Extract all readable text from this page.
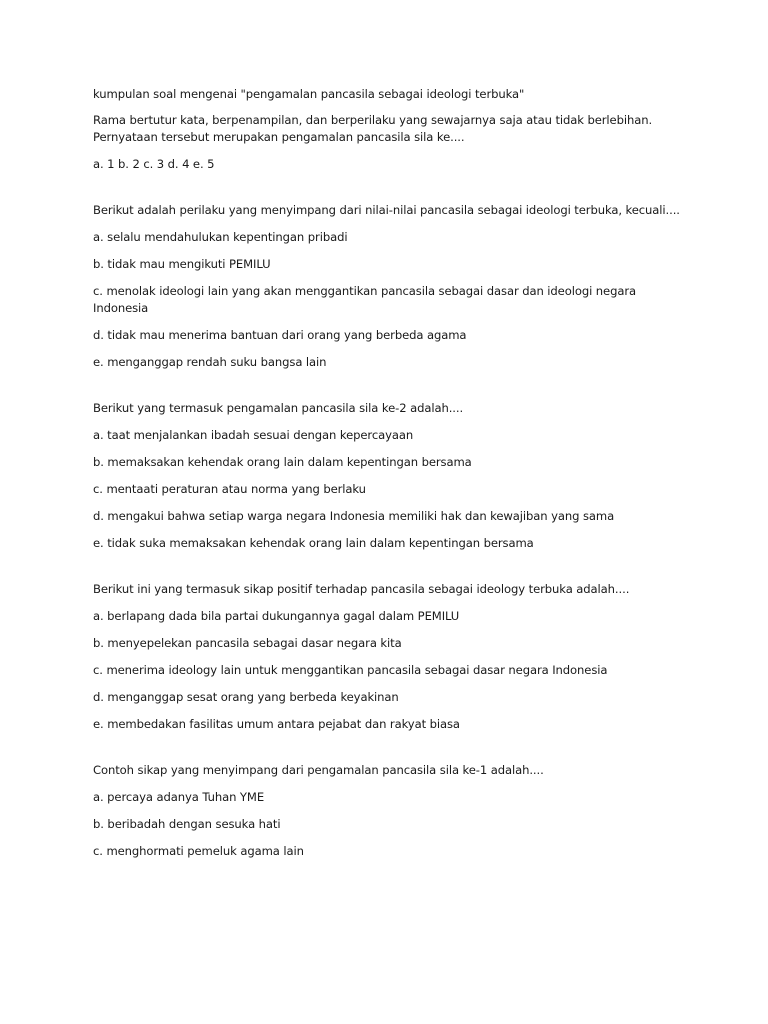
kumpulan soal mengenai "pengamalan pancasila sebagai ideologi terbuka"

Rama bertutur kata, berpenampilan, dan berperilaku yang sewajarnya saja atau tidak berlebihan. Pernyataan tersebut merupakan pengamalan pancasila sila ke....

a. 1 b. 2 c. 3 d. 4 e. 5

Berikut adalah perilaku yang menyimpang dari nilai-nilai pancasila sebagai ideologi terbuka, kecuali....

a. selalu mendahulukan kepentingan pribadi

b. tidak mau mengikuti PEMILU

c. menolak ideologi lain yang akan menggantikan pancasila sebagai dasar dan ideologi negara Indonesia

d. tidak mau menerima bantuan dari orang yang berbeda agama

e. menganggap rendah suku bangsa lain

Berikut yang termasuk pengamalan pancasila sila ke-2 adalah....

a. taat menjalankan ibadah sesuai dengan kepercayaan

b. memaksakan kehendak orang lain dalam kepentingan bersama

c. mentaati peraturan atau norma yang berlaku

d. mengakui bahwa setiap warga negara Indonesia memiliki hak dan kewajiban yang sama

e. tidak suka memaksakan kehendak orang lain dalam kepentingan bersama

Berikut ini yang termasuk sikap positif terhadap pancasila sebagai ideology terbuka adalah....

a. berlapang dada bila partai dukungannya gagal dalam PEMILU

b. menyepelekan pancasila sebagai dasar negara kita

c. menerima ideology lain untuk menggantikan pancasila sebagai dasar negara Indonesia

d. menganggap sesat orang yang berbeda keyakinan

e. membedakan fasilitas umum antara pejabat dan rakyat biasa

Contoh sikap yang menyimpang dari pengamalan pancasila sila ke-1 adalah....

a. percaya adanya Tuhan YME

b. beribadah dengan sesuka hati

c. menghormati pemeluk agama lain
